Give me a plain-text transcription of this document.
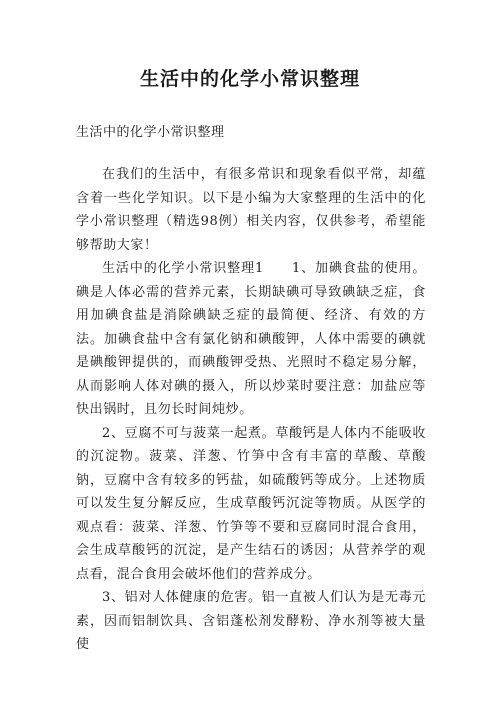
生活中的化学小常识整理

生活中的化学小常识整理

在我们的生活中，有很多常识和现象看似平常，却蕴含着一些化学知识。以下是小编为大家整理的生活中的化学小常识整理（精选98例）相关内容，仅供参考，希望能够帮助大家！

生活中的化学小常识整理1　　1、加碘食盐的使用。碘是人体必需的营养元素，长期缺碘可导致碘缺乏症，食用加碘食盐是消除碘缺乏症的最简便、经济、有效的方法。加碘食盐中含有氯化钠和碘酸钾，人体中需要的碘就是碘酸钾提供的，而碘酸钾受热、光照时不稳定易分解，从而影响人体对碘的摄入，所以炒菜时要注意：加盐应等快出锅时，且勿长时间炖炒。

2、豆腐不可与菠菜一起煮。草酸钙是人体内不能吸收的沉淀物。菠菜、洋葱、竹笋中含有丰富的草酸、草酸钠，豆腐中含有较多的钙盐，如硫酸钙等成分。上述物质可以发生复分解反应，生成草酸钙沉淀等物质。从医学的观点看：菠菜、洋葱、竹笋等不要和豆腐同时混合食用，会生成草酸钙的沉淀，是产生结石的诱因；从营养学的观点看，混合食用会破坏他们的营养成分。

3、铝对人体健康的危害。铝一直被人们认为是无毒元素，因而铝制饮具、含铝蓬松剂发酵粉、净水剂等被大量使
